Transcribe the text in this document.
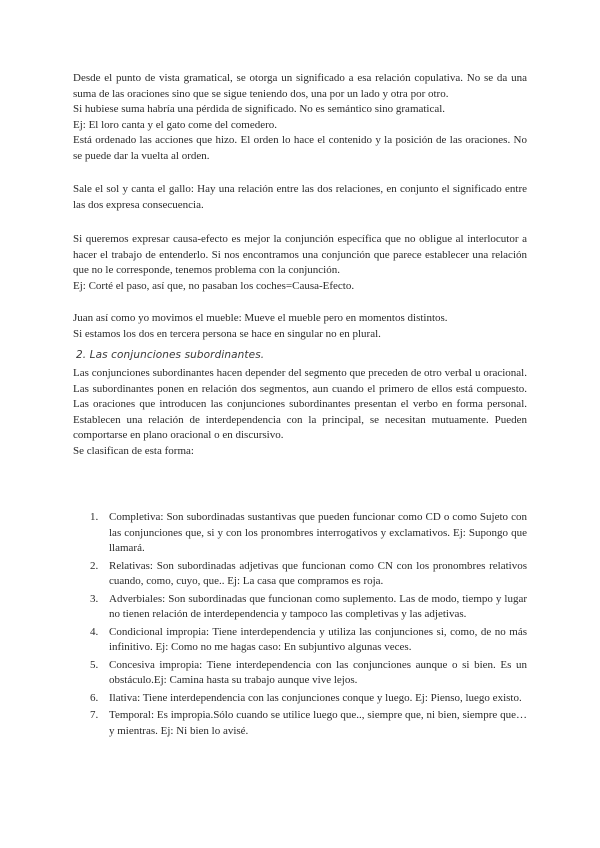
Desde el punto de vista gramatical, se otorga un significado a esa relación copulativa. No se da una suma de las oraciones sino que se sigue teniendo dos, una por un lado y otra por otro.

Si hubiese suma habría una pérdida de significado. No es semántico sino gramatical.

Ej: El loro canta y el gato come del comedero.

Está ordenado las acciones que hizo. El orden lo hace el contenido y la posición de las oraciones. No se puede dar la vuelta al orden.

Sale el sol y canta el gallo: Hay una relación entre las dos relaciones, en conjunto el significado entre las dos expresa consecuencia.

Si queremos expresar causa-efecto es mejor la conjunción específica que no obligue al interlocutor a hacer el trabajo de entenderlo. Si nos encontramos una conjunción que parece establecer una relación que no le corresponde, tenemos problema con la conjunción.

Ej: Corté el paso, así que, no pasaban los coches=Causa-Efecto.

Juan así como yo movimos el mueble: Mueve el mueble pero en momentos distintos.

Si estamos los dos en tercera persona se hace en singular no en plural.

2. Las conjunciones subordinantes.

Las conjunciones subordinantes hacen depender del segmento que preceden de otro verbal u oracional. Las subordinantes ponen en relación dos segmentos, aun cuando el primero de ellos está compuesto. Las oraciones que introducen las conjunciones subordinantes presentan el verbo en forma personal. Establecen una relación de interdependencia con la principal, se necesitan mutuamente. Pueden comportarse en plano oracional o en discursivo.

Se clasifican de esta forma:

1. Completiva: Son subordinadas sustantivas que pueden funcionar como CD o como Sujeto con las conjunciones que, si y con los pronombres interrogativos y exclamativos. Ej: Supongo que llamará.
2. Relativas: Son subordinadas adjetivas que funcionan como CN con los pronombres relativos cuando, como, cuyo, que.. Ej: La casa que compramos es roja.
3. Adverbiales: Son subordinadas que funcionan como suplemento. Las de modo, tiempo y lugar no tienen relación de interdependencia y tampoco las completivas y las adjetivas.
4. Condicional impropia: Tiene interdependencia y utiliza las conjunciones si, como, de no más infinitivo. Ej: Como no me hagas caso: En subjuntivo algunas veces.
5. Concesiva impropia: Tiene interdependencia con las conjunciones aunque o si bien. Es un obstáculo.Ej: Camina hasta su trabajo aunque vive lejos.
6. Ilativa: Tiene interdependencia con las conjunciones conque y luego. Ej: Pienso, luego existo.
7. Temporal: Es impropia.Sólo cuando se utilice luego que.., siempre que, ni bien, siempre que… y mientras. Ej: Ni bien lo avisé.
